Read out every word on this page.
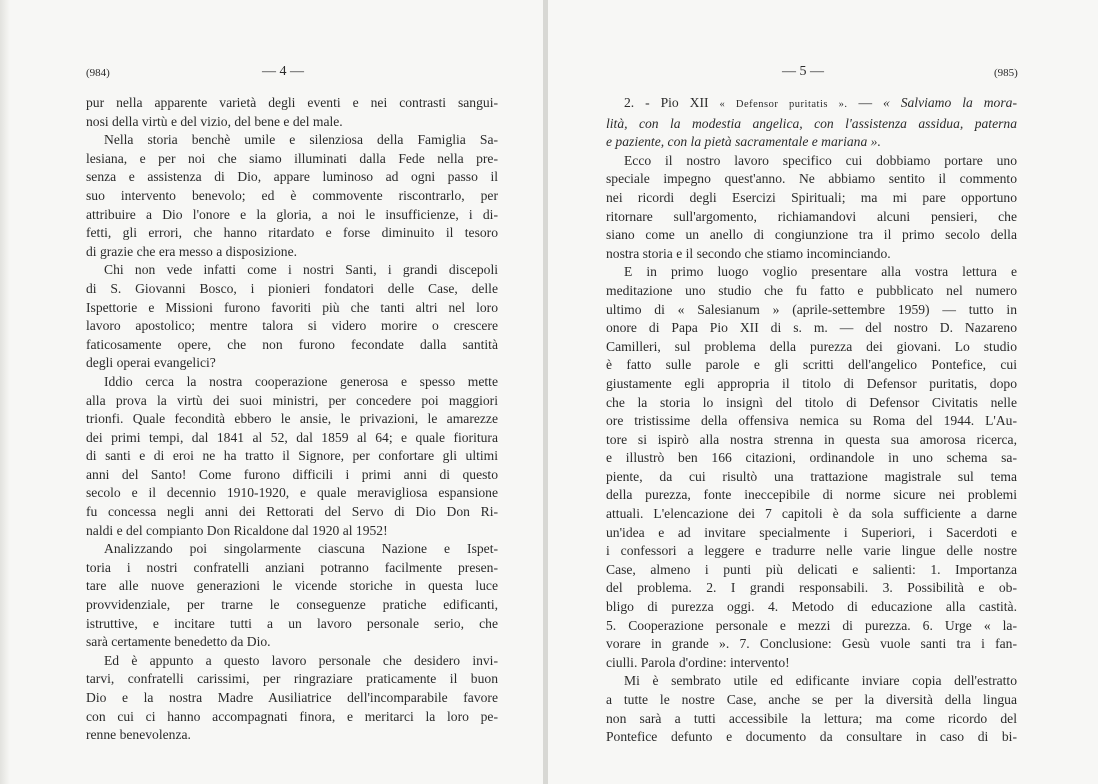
(984)	— 4 —
pur nella apparente varietà degli eventi e nei contrasti sangui-
nosi della virtù e del vizio, del bene e del male.
Nella storia benchè umile e silenziosa della Famiglia Sa-
lesiana, e per noi che siamo illuminati dalla Fede nella pre-
senza e assistenza di Dio, appare luminoso ad ogni passo il
suo intervento benevolo; ed è commovente riscontrarlo, per
attribuire a Dio l'onore e la gloria, a noi le insufficienze, i di-
fetti, gli errori, che hanno ritardato e forse diminuito il tesoro
di grazie che era messo a disposizione.
Chi non vede infatti come i nostri Santi, i grandi discepoli
di S. Giovanni Bosco, i pionieri fondatori delle Case, delle
Ispettorie e Missioni furono favoriti più che tanti altri nel loro
lavoro apostolico; mentre talora si videro morire o crescere
faticosamente opere, che non furono fecondate dalla santità
degli operai evangelici?
Iddio cerca la nostra cooperazione generosa e spesso mette
alla prova la virtù dei suoi ministri, per concedere poi maggiori
trionfi. Quale fecondità ebbero le ansie, le privazioni, le amarezze
dei primi tempi, dal 1841 al 52, dal 1859 al 64; e quale fioritura
di santi e di eroi ne ha tratto il Signore, per confortare gli ultimi
anni del Santo! Come furono difficili i primi anni di questo
secolo e il decennio 1910-1920, e quale meravigliosa espansione
fu concessa negli anni dei Rettorati del Servo di Dio Don Ri-
naldi e del compianto Don Ricaldone dal 1920 al 1952!
Analizzando poi singolarmente ciascuna Nazione e Ispet-
toria i nostri confratelli anziani potranno facilmente presen-
tare alle nuove generazioni le vicende storiche in questa luce
provvidenziale, per trarne le conseguenze pratiche edificanti,
istruttive, e incitare tutti a un lavoro personale serio, che
sarà certamente benedetto da Dio.
Ed è appunto a questo lavoro personale che desidero invi-
tarvi, confratelli carissimi, per ringraziare praticamente il buon
Dio e la nostra Madre Ausiliatrice dell'incomparabile favore
con cui ci hanno accompagnati finora, e meritarci la loro pe-
renne benevolenza.
— 5 —	(985)
2. - Pio XII « Defensor puritatis ». — « Salviamo la mora-
lità, con la modestia angelica, con l'assistenza assidua, paterna
e paziente, con la pietà sacramentale e mariana ».
Ecco il nostro lavoro specifico cui dobbiamo portare uno
speciale impegno quest'anno. Ne abbiamo sentito il commento
nei ricordi degli Esercizi Spirituali; ma mi pare opportuno
ritornare sull'argomento, richiamandovi alcuni pensieri, che
siano come un anello di congiunzione tra il primo secolo della
nostra storia e il secondo che stiamo incominciando.
E in primo luogo voglio presentare alla vostra lettura e
meditazione uno studio che fu fatto e pubblicato nel numero
ultimo di « Salesianum » (aprile-settembre 1959) — tutto in
onore di Papa Pio XII di s. m. — del nostro D. Nazareno
Camilleri, sul problema della purezza dei giovani. Lo studio
è fatto sulle parole e gli scritti dell'angelico Pontefice, cui
giustamente egli appropria il titolo di Defensor puritatis, dopo
che la storia lo insignì del titolo di Defensor Civitatis nelle
ore tristissime della offensiva nemica su Roma del 1944. L'Au-
tore si ispirò alla nostra strenna in questa sua amorosa ricerca,
e illustrò ben 166 citazioni, ordinandole in uno schema sa-
piente, da cui risultò una trattazione magistrale sul tema
della purezza, fonte ineccepibile di norme sicure nei problemi
attuali. L'elencazione dei 7 capitoli è da sola sufficiente a darne
un'idea e ad invitare specialmente i Superiori, i Sacerdoti e
i confessori a leggere e tradurre nelle varie lingue delle nostre
Case, almeno i punti più delicati e salienti: 1. Importanza
del problema. 2. I grandi responsabili. 3. Possibilità e ob-
bligo di purezza oggi. 4. Metodo di educazione alla castità.
5. Cooperazione personale e mezzi di purezza. 6. Urge « la-
vorare in grande ». 7. Conclusione: Gesù vuole santi tra i fan-
ciulli. Parola d'ordine: intervento!
Mi è sembrato utile ed edificante inviare copia dell'estratto
a tutte le nostre Case, anche se per la diversità della lingua
non sarà a tutti accessibile la lettura; ma come ricordo del
Pontefice defunto e documento da consultare in caso di bi-
